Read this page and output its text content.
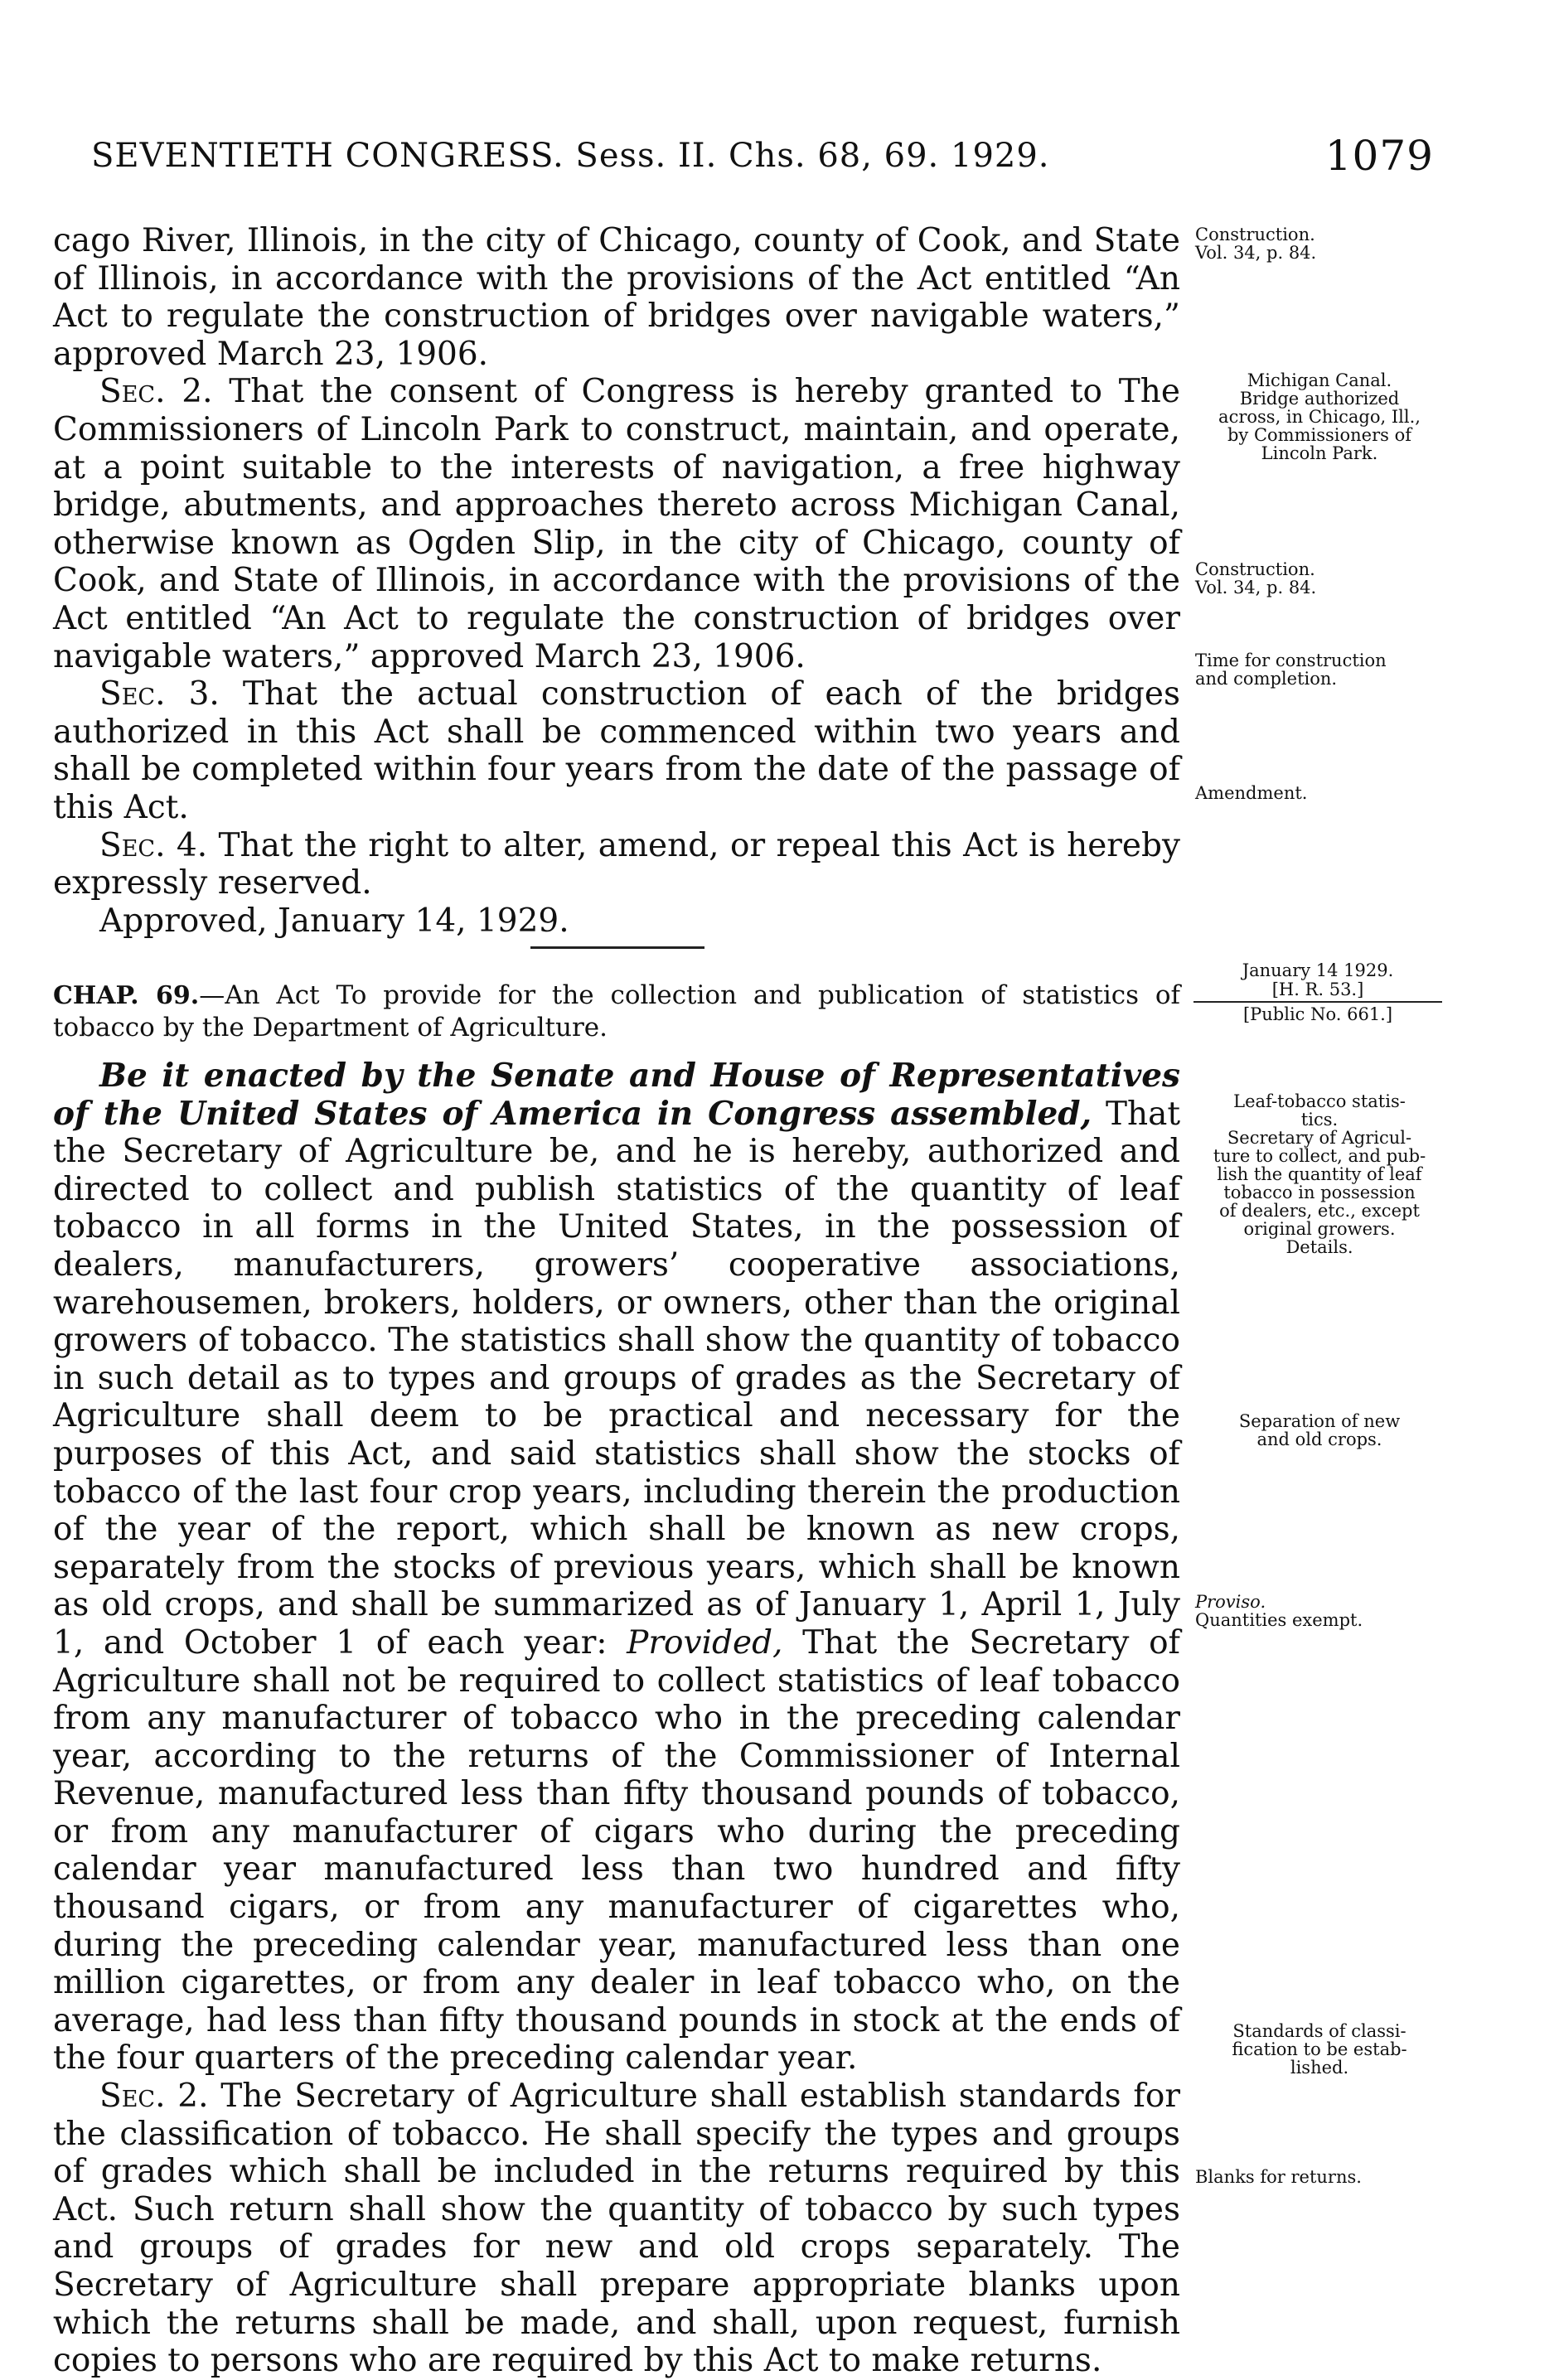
SEVENTIETH CONGRESS. Sess. II. Chs. 68, 69. 1929.	1079

cago River, Illinois, in the city of Chicago, county of Cook, and State of Illinois, in accordance with the provisions of the Act entitled “An Act to regulate the construction of bridges over navigable waters,” approved March 23, 1906.

Sec. 2. That the consent of Congress is hereby granted to The Commissioners of Lincoln Park to construct, maintain, and operate, at a point suitable to the interests of navigation, a free highway bridge, abutments, and approaches thereto across Michigan Canal, otherwise known as Ogden Slip, in the city of Chicago, county of Cook, and State of Illinois, in accordance with the provisions of the Act entitled “An Act to regulate the construction of bridges over navigable waters,” approved March 23, 1906.

Sec. 3. That the actual construction of each of the bridges authorized in this Act shall be commenced within two years and shall be completed within four years from the date of the passage of this Act.

Sec. 4. That the right to alter, amend, or repeal this Act is hereby expressly reserved.

Approved, January 14, 1929.

CHAP. 69.—An Act To provide for the collection and publication of statistics of tobacco by the Department of Agriculture.
January 14 1929.
[H. R. 53.]
[Public No. 661.]

Be it enacted by the Senate and House of Representatives of the United States of America in Congress assembled, That the Secretary of Agriculture be, and he is hereby, authorized and directed to collect and publish statistics of the quantity of leaf tobacco in all forms in the United States, in the possession of dealers, manufacturers, growers’ cooperative associations, warehousemen, brokers, holders, or owners, other than the original growers of tobacco. The statistics shall show the quantity of tobacco in such detail as to types and groups of grades as the Secretary of Agriculture shall deem to be practical and necessary for the purposes of this Act, and said statistics shall show the stocks of tobacco of the last four crop years, including therein the production of the year of the report, which shall be known as new crops, separately from the stocks of previous years, which shall be known as old crops, and shall be summarized as of January 1, April 1, July 1, and October 1 of each year: Provided, That the Secretary of Agriculture shall not be required to collect statistics of leaf tobacco from any manufacturer of tobacco who in the preceding calendar year, according to the returns of the Commissioner of Internal Revenue, manufactured less than fifty thousand pounds of tobacco, or from any manufacturer of cigars who during the preceding calendar year manufactured less than two hundred and fifty thousand cigars, or from any manufacturer of cigarettes who, during the preceding calendar year, manufactured less than one million cigarettes, or from any dealer in leaf tobacco who, on the average, had less than fifty thousand pounds in stock at the ends of the four quarters of the preceding calendar year.

Sec. 2. The Secretary of Agriculture shall establish standards for the classification of tobacco. He shall specify the types and groups of grades which shall be included in the returns required by this Act. Such return shall show the quantity of tobacco by such types and groups of grades for new and old crops separately. The Secretary of Agriculture shall prepare appropriate blanks upon which the returns shall be made, and shall, upon request, furnish copies to persons who are required by this Act to make returns.

Construction.
Vol. 34, p. 84.
Michigan Canal.
Bridge authorized
across, in Chicago, Ill.,
by Commissioners of
Lincoln Park.
Construction.
Vol. 34, p. 84.
Time for construction
and completion.
Amendment.
Leaf-tobacco statis-
tics.
Secretary of Agricul-
ture to collect, and pub-
lish the quantity of leaf
tobacco in possession
of dealers, etc., except
original growers.
Details.
Separation of new
and old crops.
Proviso.
Quantities exempt.
Standards of classi-
fication to be estab-
lished.
Blanks for returns.
